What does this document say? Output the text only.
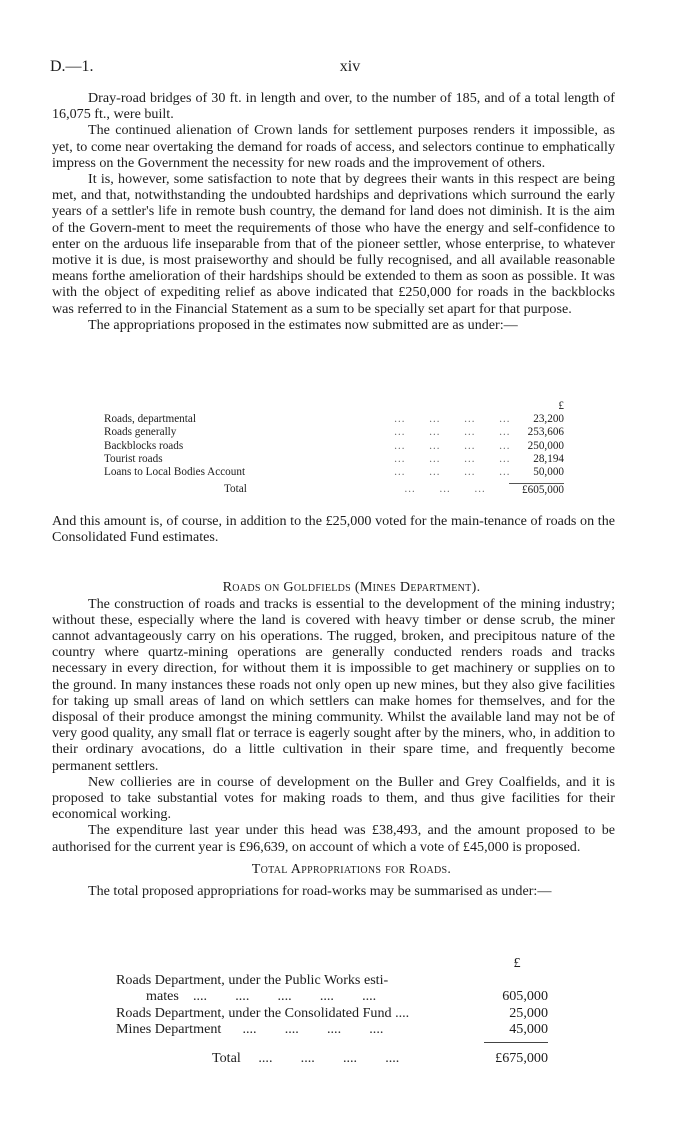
D.—1.	xiv

Dray-road bridges of 30 ft. in length and over, to the number of 185, and of a total length of 16,075 ft., were built.

The continued alienation of Crown lands for settlement purposes renders it impossible, as yet, to come near overtaking the demand for roads of access, and selectors continue to emphatically impress on the Government the necessity for new roads and the improvement of others.

It is, however, some satisfaction to note that by degrees their wants in this respect are being met, and that, notwithstanding the undoubted hardships and deprivations which surround the early years of a settler's life in remote bush country, the demand for land does not diminish. It is the aim of the Govern-ment to meet the requirements of those who have the energy and self-confidence to enter on the arduous life inseparable from that of the pioneer settler, whose enterprise, to whatever motive it is due, is most praiseworthy and should be fully recognised, and all available reasonable means forthe amelioration of their hardships should be extended to them as soon as possible. It was with the object of expediting relief as above indicated that £250,000 for roads in the backblocks was referred to in the Financial Statement as a sum to be specially set apart for that purpose.

The appropriations proposed in the estimates now submitted are as under:—

£
Roads, departmental	…      …      …      …	23,200
Roads generally	…      …      …      …	253,606
Backblocks roads	…      …      …      …	250,000
Tourist roads	…      …      …      …	28,194
Loans to Local Bodies Account	…      …      …      …	50,000
Total	…      …      …	£605,000

And this amount is, of course, in addition to the £25,000 voted for the main-tenance of roads on the Consolidated Fund estimates.

Roads on Goldfields (Mines Department).

The construction of roads and tracks is essential to the development of the mining industry; without these, especially where the land is covered with heavy timber or dense scrub, the miner cannot advantageously carry on his operations. The rugged, broken, and precipitous nature of the country where quartz-mining operations are generally conducted renders roads and tracks necessary in every direction, for without them it is impossible to get machinery or supplies on to the ground. In many instances these roads not only open up new mines, but they also give facilities for taking up small areas of land on which settlers can make homes for themselves, and for the disposal of their produce amongst the mining community. Whilst the available land may not be of very good quality, any small flat or terrace is eagerly sought after by the miners, who, in addition to their ordinary avocations, do a little cultivation in their spare time, and frequently become permanent settlers.

New collieries are in course of development on the Buller and Grey Coalfields, and it is proposed to take substantial votes for making roads to them, and thus give facilities for their economical working.

The expenditure last year under this head was £38,493, and the amount proposed to be authorised for the current year is £96,639, on account of which a vote of £45,000 is proposed.

Total Appropriations for Roads.

The total proposed appropriations for road-works may be summarised as under:—

£
Roads Department, under the Public Works esti-
mates    ....        ....        ....        ....        ....	605,000
Roads Department, under the Consolidated Fund ....	25,000
Mines Department      ....        ....        ....        ....	45,000
Total     ....        ....        ....        ....	£675,000
